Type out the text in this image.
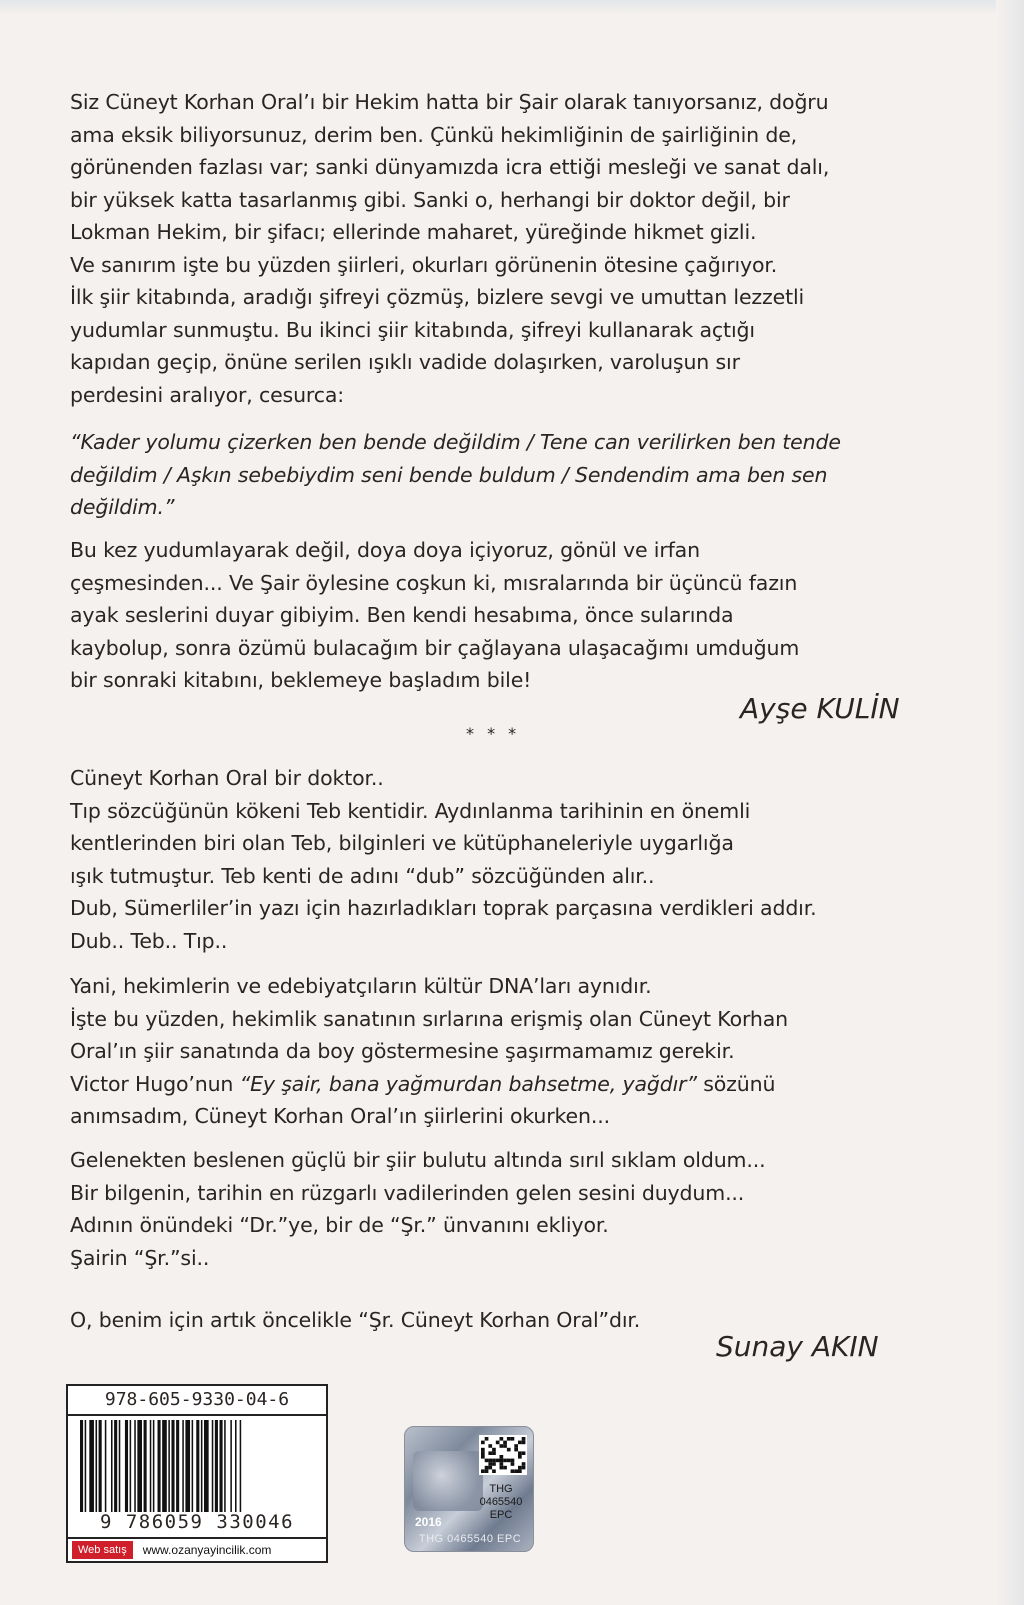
Siz Cüneyt Korhan Oral’ı bir Hekim hatta bir Şair olarak tanıyorsanız, doğru
ama eksik biliyorsunuz, derim ben. Çünkü hekimliğinin de şairliğinin de,
görünenden fazlası var; sanki dünyamızda icra ettiği mesleği ve sanat dalı,
bir yüksek katta tasarlanmış gibi. Sanki o, herhangi bir doktor değil, bir
Lokman Hekim, bir şifacı; ellerinde maharet, yüreğinde hikmet gizli.
Ve sanırım işte bu yüzden şiirleri, okurları görünenin ötesine çağırıyor.
İlk şiir kitabında, aradığı şifreyi çözmüş, bizlere sevgi ve umuttan lezzetli
yudumlar sunmuştu. Bu ikinci şiir kitabında, şifreyi kullanarak açtığı
kapıdan geçip, önüne serilen ışıklı vadide dolaşırken, varoluşun sır
perdesini aralıyor, cesurca:
“Kader yolumu çizerken ben bende değildim / Tene can verilirken ben tende
değildim / Aşkın sebebiydim seni bende buldum / Sendendim ama ben sen
değildim.”
Bu kez yudumlayarak değil, doya doya içiyoruz, gönül ve irfan
çeşmesinden... Ve Şair öylesine coşkun ki, mısralarında bir üçüncü fazın
ayak seslerini duyar gibiyim. Ben kendi hesabıma, önce sularında
kaybolup, sonra özümü bulacağım bir çağlayana ulaşacağımı umduğum
bir sonraki kitabını, beklemeye başladım bile!
Ayşe KULİN
* * *
Cüneyt Korhan Oral bir doktor..
Tıp sözcüğünün kökeni Teb kentidir. Aydınlanma tarihinin en önemli
kentlerinden biri olan Teb, bilginleri ve kütüphaneleriyle uygarlığa
ışık tutmuştur. Teb kenti de adını “dub” sözcüğünden alır..
Dub, Sümerliler’in yazı için hazırladıkları toprak parçasına verdikleri addır.
Dub.. Teb.. Tıp..
Yani, hekimlerin ve edebiyatçıların kültür DNA’ları aynıdır.
İşte bu yüzden, hekimlik sanatının sırlarına erişmiş olan Cüneyt Korhan
Oral’ın şiir sanatında da boy göstermesine şaşırmamamız gerekir.
Victor Hugo’nun “Ey şair, bana yağmurdan bahsetme, yağdır” sözünü
anımsadım, Cüneyt Korhan Oral’ın şiirlerini okurken...
Gelenekten beslenen güçlü bir şiir bulutu altında sırıl sıklam oldum...
Bir bilgenin, tarihin en rüzgarlı vadilerinden gelen sesini duydum...
Adının önündeki “Dr.”ye, bir de “Şr.” ünvanını ekliyor.
Şairin “Şr.”si..
O, benim için artık öncelikle “Şr. Cüneyt Korhan Oral”dır.
Sunay AKIN
978-605-9330-04-6
9 786059 330046
Web satış	www.ozanyayincilik.com
2016
THG
0465540
EPC
THG 0465540 EPC
